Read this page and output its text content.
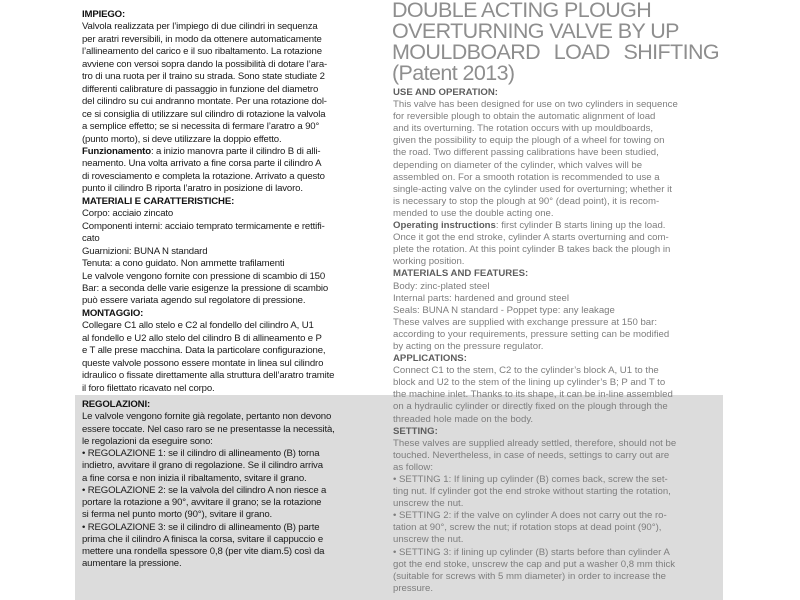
DOUBLE ACTING PLOUGH
OVERTURNING VALVE BY UP
MOULDBOARD LOAD SHIFTING
(Patent 2013)
IMPIEGO:
Valvola realizzata per l’impiego di due cilindri in sequenza
per aratri reversibili, in modo da ottenere automaticamente
l’allineamento del carico e il suo ribaltamento. La rotazione
avviene con versoi sopra dando la possibilità di dotare l’ara-
tro di una ruota per il traino su strada. Sono state studiate 2
differenti calibrature di passaggio in funzione del diametro
del cilindro su cui andranno montate. Per una rotazione dol-
ce si consiglia di utilizzare sul cilindro di rotazione la valvola
a semplice effetto; se si necessita di fermare l’aratro a 90°
(punto morto), si deve utilizzare la doppio effetto.
Funzionamento: a inizio manovra parte il cilindro B di alli-
neamento. Una volta arrivato a fine corsa parte il cilindro A
di rovesciamento e completa la rotazione. Arrivato a questo
punto il cilindro B riporta l’aratro in posizione di lavoro.
MATERIALI E CARATTERISTICHE:
Corpo: acciaio zincato
Componenti interni: acciaio temprato termicamente e rettifi-
cato
Guarnizioni: BUNA N standard
Tenuta: a cono guidato. Non ammette trafilamenti
Le valvole vengono fornite con pressione di scambio di 150
Bar: a seconda delle varie esigenze la pressione di scambio
può essere variata agendo sul regolatore di pressione.
MONTAGGIO:
Collegare C1 allo stelo e C2 al fondello del cilindro A, U1
al fondello e U2 allo stelo del cilindro B di allineamento e P
e T alle prese macchina. Data la particolare configurazione,
queste valvole possono essere montate in linea sul cilindro
idraulico o fissate direttamente alla struttura dell’aratro tramite
il foro filettato ricavato nel corpo.
REGOLAZIONI:
Le valvole vengono fornite già regolate, pertanto non devono
essere toccate. Nel caso raro se ne presentasse la necessità,
le regolazioni da eseguire sono:
• REGOLAZIONE 1: se il cilindro di allineamento (B) torna
indietro, avvitare il grano di regolazione. Se il cilindro arriva
a fine corsa e non inizia il ribaltamento, svitare il grano.
• REGOLAZIONE 2: se la valvola del cilindro A non riesce a
portare la rotazione a 90°, avvitare il grano; se la rotazione
si ferma nel punto morto (90°), svitare il grano.
• REGOLAZIONE 3: se il cilindro di allineamento (B) parte
prima che il cilindro A finisca la corsa, svitare il cappuccio e
mettere una rondella spessore 0,8 (per vite diam.5) così da
aumentare la pressione.
USE AND OPERATION:
This valve has been designed for use on two cylinders in sequence
for reversible plough to obtain the automatic alignment of load
and its overturning. The rotation occurs with up mouldboards,
given the possibility to equip the plough of a wheel for towing on
the road. Two different passing calibrations have been studied,
depending on diameter of the cylinder, which valves will be
assembled on. For a smooth rotation is recommended to use a
single-acting valve on the cylinder used for overturning; whether it
is necessary to stop the plough at 90° (dead point), it is recom-
mended to use the double acting one.
Operating instructions: first cylinder B starts lining up the load.
Once it got the end stroke, cylinder A starts overturning and com-
plete the rotation. At this point cylinder B takes back the plough in
working position.
MATERIALS AND FEATURES:
Body: zinc-plated steel
Internal parts: hardened and ground steel
Seals: BUNA N standard - Poppet type: any leakage
These valves are supplied with exchange pressure at 150 bar:
according to your requirements, pressure setting can be modified
by acting on the pressure regulator.
APPLICATIONS:
Connect C1 to the stem, C2 to the cylinder’s block A, U1 to the
block and U2 to the stem of the lining up cylinder’s B; P and T to
the machine inlet. Thanks to its shape, it can be in-line assembled
on a hydraulic cylinder or directly fixed on the plough through the
threaded hole made on the body.
SETTING:
These valves are supplied already settled, therefore, should not be
touched. Nevertheless, in case of needs, settings to carry out are
as follow:
• SETTING 1: If lining up cylinder (B) comes back, screw the set-
ting nut. If cylinder got the end stroke without starting the rotation,
unscrew the nut.
• SETTING 2: if the valve on cylinder A does not carry out the ro-
tation at 90°, screw the nut; if rotation stops at dead point (90°),
unscrew the nut.
• SETTING 3: if lining up cylinder (B) starts before than cylinder A
got the end stoke, unscrew the cap and put a washer 0,8 mm thick
(suitable for screws with 5 mm diameter) in order to increase the
pressure.
